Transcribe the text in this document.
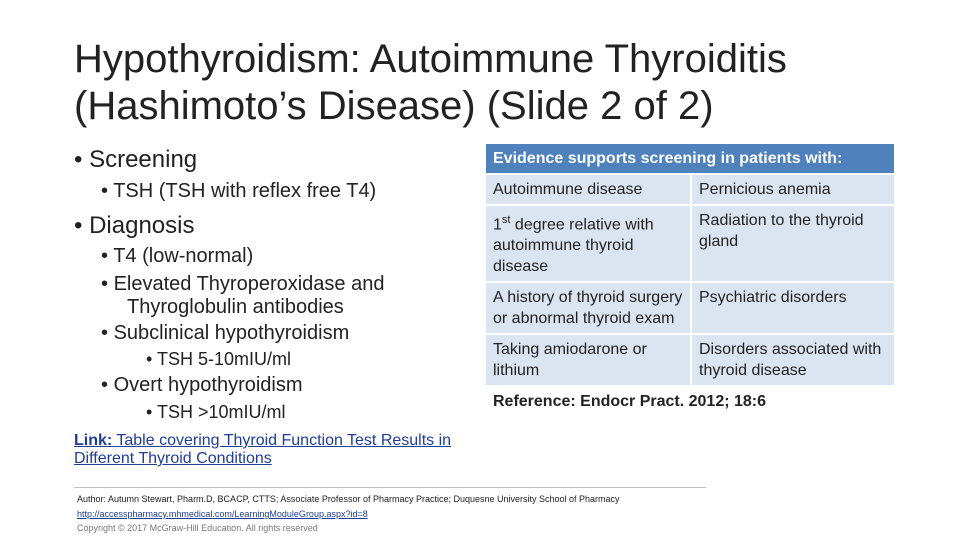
Hypothyroidism: Autoimmune Thyroiditis (Hashimoto’s Disease) (Slide 2 of 2)
• Screening
• TSH (TSH with reflex free T4)
• Diagnosis
• T4 (low-normal)
• Elevated Thyroperoxidase and Thyroglobulin antibodies
• Subclinical hypothyroidism
• TSH 5-10mIU/ml
• Overt hypothyroidism
• TSH >10mIU/ml
Link: Table covering Thyroid Function Test Results in Different Thyroid Conditions
Evidence supports screening in patients with:	
Autoimmune disease	Pernicious anemia
1st degree relative with autoimmune thyroid disease	Radiation to the thyroid gland
A history of thyroid surgery or abnormal thyroid exam	Psychiatric disorders
Taking amiodarone or lithium	Disorders associated with thyroid disease
Reference: Endocr Pract. 2012; 18:6	
Author: Autumn Stewart, Pharm.D, BCACP, CTTS; Associate Professor of Pharmacy Practice; Duquesne University School of Pharmacy
http://accesspharmacy.mhmedical.com/LearningModuleGroup.aspx?id=8
Copyright © 2017 McGraw-Hill Education. All rights reserved
